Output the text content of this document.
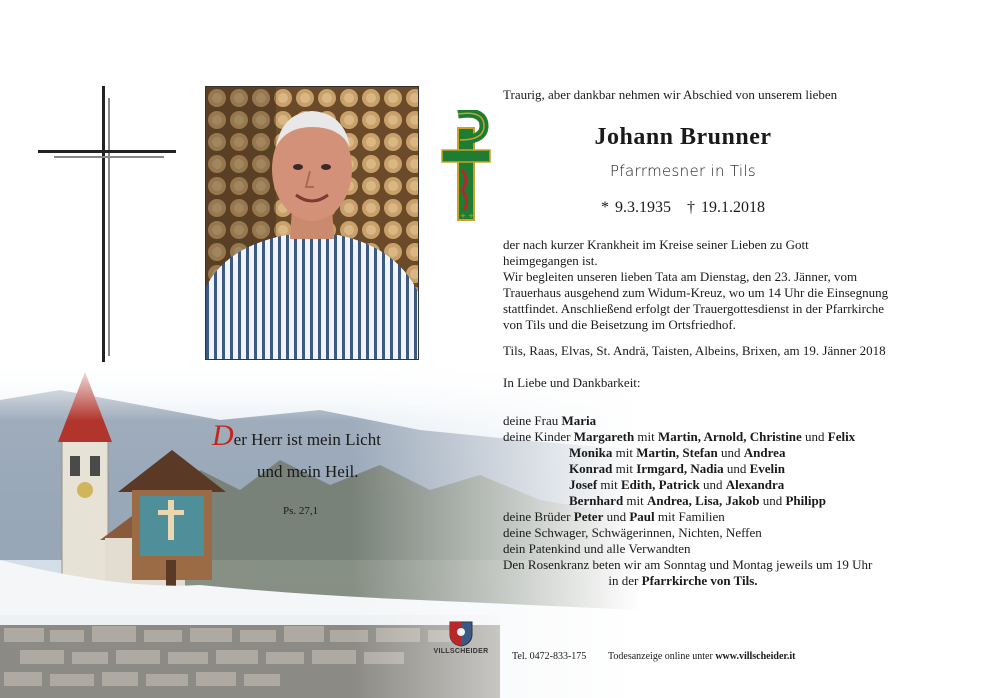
+ +
Der Herr ist mein Licht
und mein Heil.
Ps. 27,1
Traurig, aber dankbar nehmen wir Abschied von unserem lieben
Johann Brunner
Pfarrmesner in Tils
* 9.3.1935 † 19.1.2018
der nach kurzer Krankheit im Kreise seiner Lieben zu Gott
heimgegangen ist.
Wir begleiten unseren lieben Tata am Dienstag, den 23. Jänner, vom
Trauerhaus ausgehend zum Widum-Kreuz, wo um 14 Uhr die Einsegnung
stattfindet. Anschließend erfolgt der Trauergottesdienst in der Pfarrkirche
von Tils und die Beisetzung im Ortsfriedhof.
Tils, Raas, Elvas, St. Andrä, Taisten, Albeins, Brixen, am 19. Jänner 2018
In Liebe und Dankbarkeit:
deine Frau Maria
deine Kinder Margareth mit Martin, Arnold, Christine und Felix
Monika mit Martin, Stefan und Andrea
Konrad mit Irmgard, Nadia und Evelin
Josef mit Edith, Patrick und Alexandra
Bernhard mit Andrea, Lisa, Jakob und Philipp
deine Brüder Peter und Paul mit Familien
deine Schwager, Schwägerinnen, Nichten, Neffen
dein Patenkind und alle Verwandten
Den Rosenkranz beten wir am Sonntag und Montag jeweils um 19 Uhr
in der Pfarrkirche von Tils.
VILLSCHEIDER	Tel. 0472-833-175 Todesanzeige online unter www.villscheider.it
